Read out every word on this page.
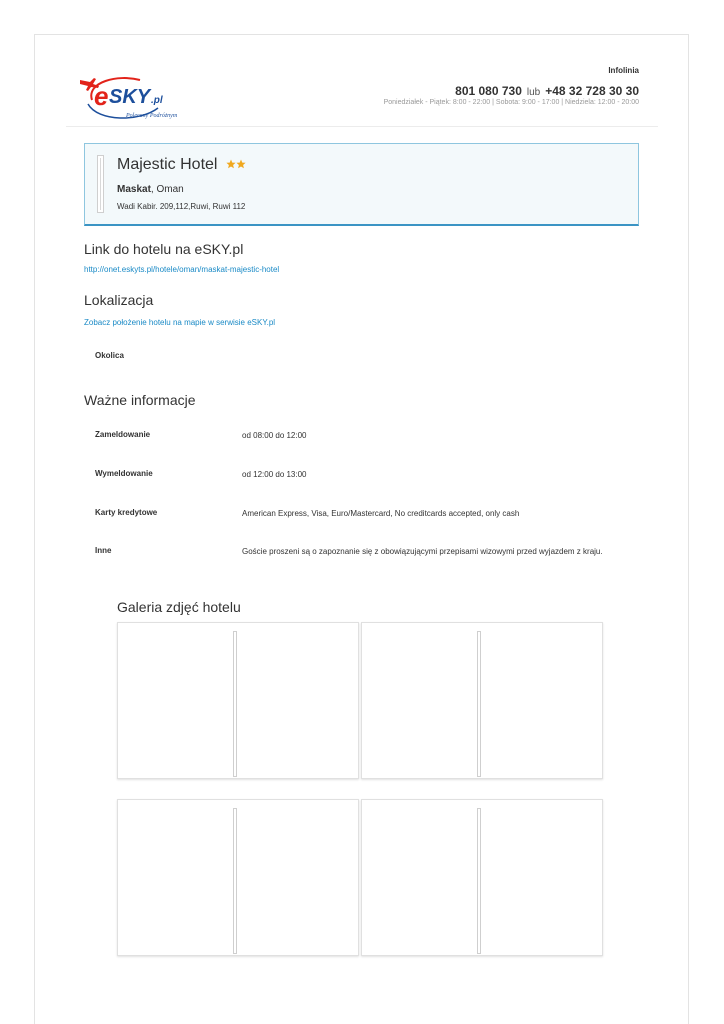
e SKY .pl
Polecony Podróżnym
Infolinia
801 080 730 lub +48 32 728 30 30
Poniedziałek - Piątek: 8:00 - 22:00 | Sobota: 9:00 - 17:00 | Niedziela: 12:00 - 20:00
Majestic Hotel
Maskat, Oman
Wadi Kabir. 209,112,Ruwi, Ruwi 112
Link do hotelu na eSKY.pl
http://onet.eskyts.pl/hotele/oman/maskat-majestic-hotel
Lokalizacja
Zobacz położenie hotelu na mapie w serwisie eSKY.pl
Okolica
Ważne informacje
Zameldowanie	od 08:00 do 12:00
Wymeldowanie	od 12:00 do 13:00
Karty kredytowe	American Express, Visa, Euro/Mastercard, No creditcards accepted, only cash
Inne	Goście proszeni są o zapoznanie się z obowiązującymi przepisami wizowymi przed wyjazdem z kraju.
Galeria zdjęć hotelu
